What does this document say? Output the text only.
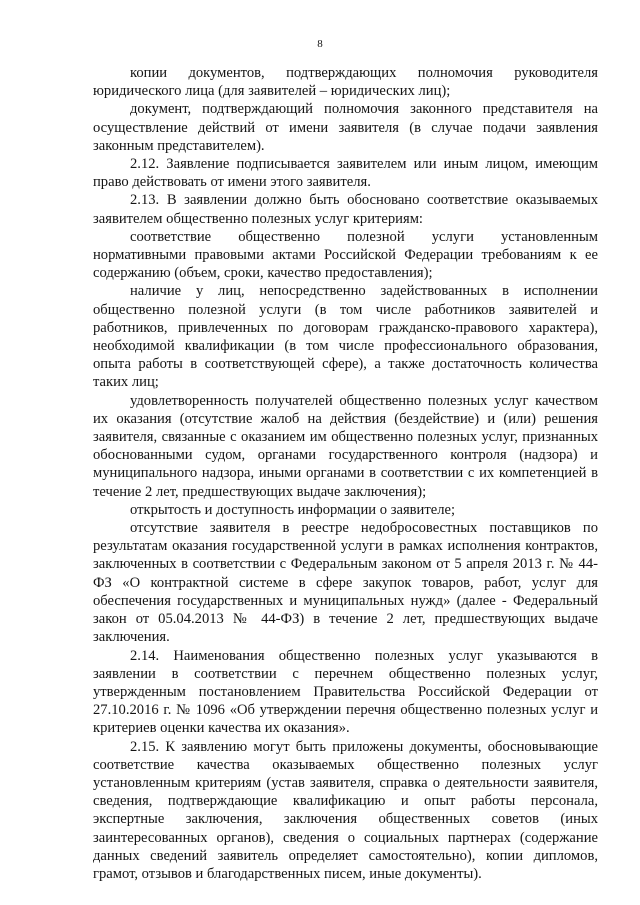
8

копии документов, подтверждающих полномочия руководителя юридического лица (для заявителей – юридических лиц);

документ, подтверждающий полномочия законного представителя на осуществление действий от имени заявителя (в случае подачи заявления законным представителем).

2.12. Заявление подписывается заявителем или иным лицом, имеющим право действовать от имени этого заявителя.

2.13. В заявлении должно быть обосновано соответствие оказываемых заявителем общественно полезных услуг критериям:

соответствие общественно полезной услуги установленным нормативными правовыми актами Российской Федерации требованиям к ее содержанию (объем, сроки, качество предоставления);

наличие у лиц, непосредственно задействованных в исполнении общественно полезной услуги (в том числе работников заявителей и работников, привлеченных по договорам гражданско-правового характера), необходимой квалификации (в том числе профессионального образования, опыта работы в соответствующей сфере), а также достаточность количества таких лиц;

удовлетворенность получателей общественно полезных услуг качеством их оказания (отсутствие жалоб на действия (бездействие) и (или) решения заявителя, связанные с оказанием им общественно полезных услуг, признанных обоснованными судом, органами государственного контроля (надзора) и муниципального надзора, иными органами в соответствии с их компетенцией в течение 2 лет, предшествующих выдаче заключения);

открытость и доступность информации о заявителе;

отсутствие заявителя в реестре недобросовестных поставщиков по результатам оказания государственной услуги в рамках исполнения контрактов, заключенных в соответствии с Федеральным законом от 5 апреля 2013 г. № 44-ФЗ «О контрактной системе в сфере закупок товаров, работ, услуг для обеспечения государственных и муниципальных нужд» (далее - Федеральный закон от 05.04.2013 № 44-ФЗ) в течение 2 лет, предшествующих выдаче заключения.

2.14. Наименования общественно полезных услуг указываются в заявлении в соответствии с перечнем общественно полезных услуг, утвержденным постановлением Правительства Российской Федерации от 27.10.2016 г. № 1096 «Об утверждении перечня общественно полезных услуг и критериев оценки качества их оказания».

2.15. К заявлению могут быть приложены документы, обосновывающие соответствие качества оказываемых общественно полезных услуг установленным критериям (устав заявителя, справка о деятельности заявителя, сведения, подтверждающие квалификацию и опыт работы персонала, экспертные заключения, заключения общественных советов (иных заинтересованных органов), сведения о социальных партнерах (содержание данных сведений заявитель определяет самостоятельно), копии дипломов, грамот, отзывов и благодарственных писем, иные документы).
